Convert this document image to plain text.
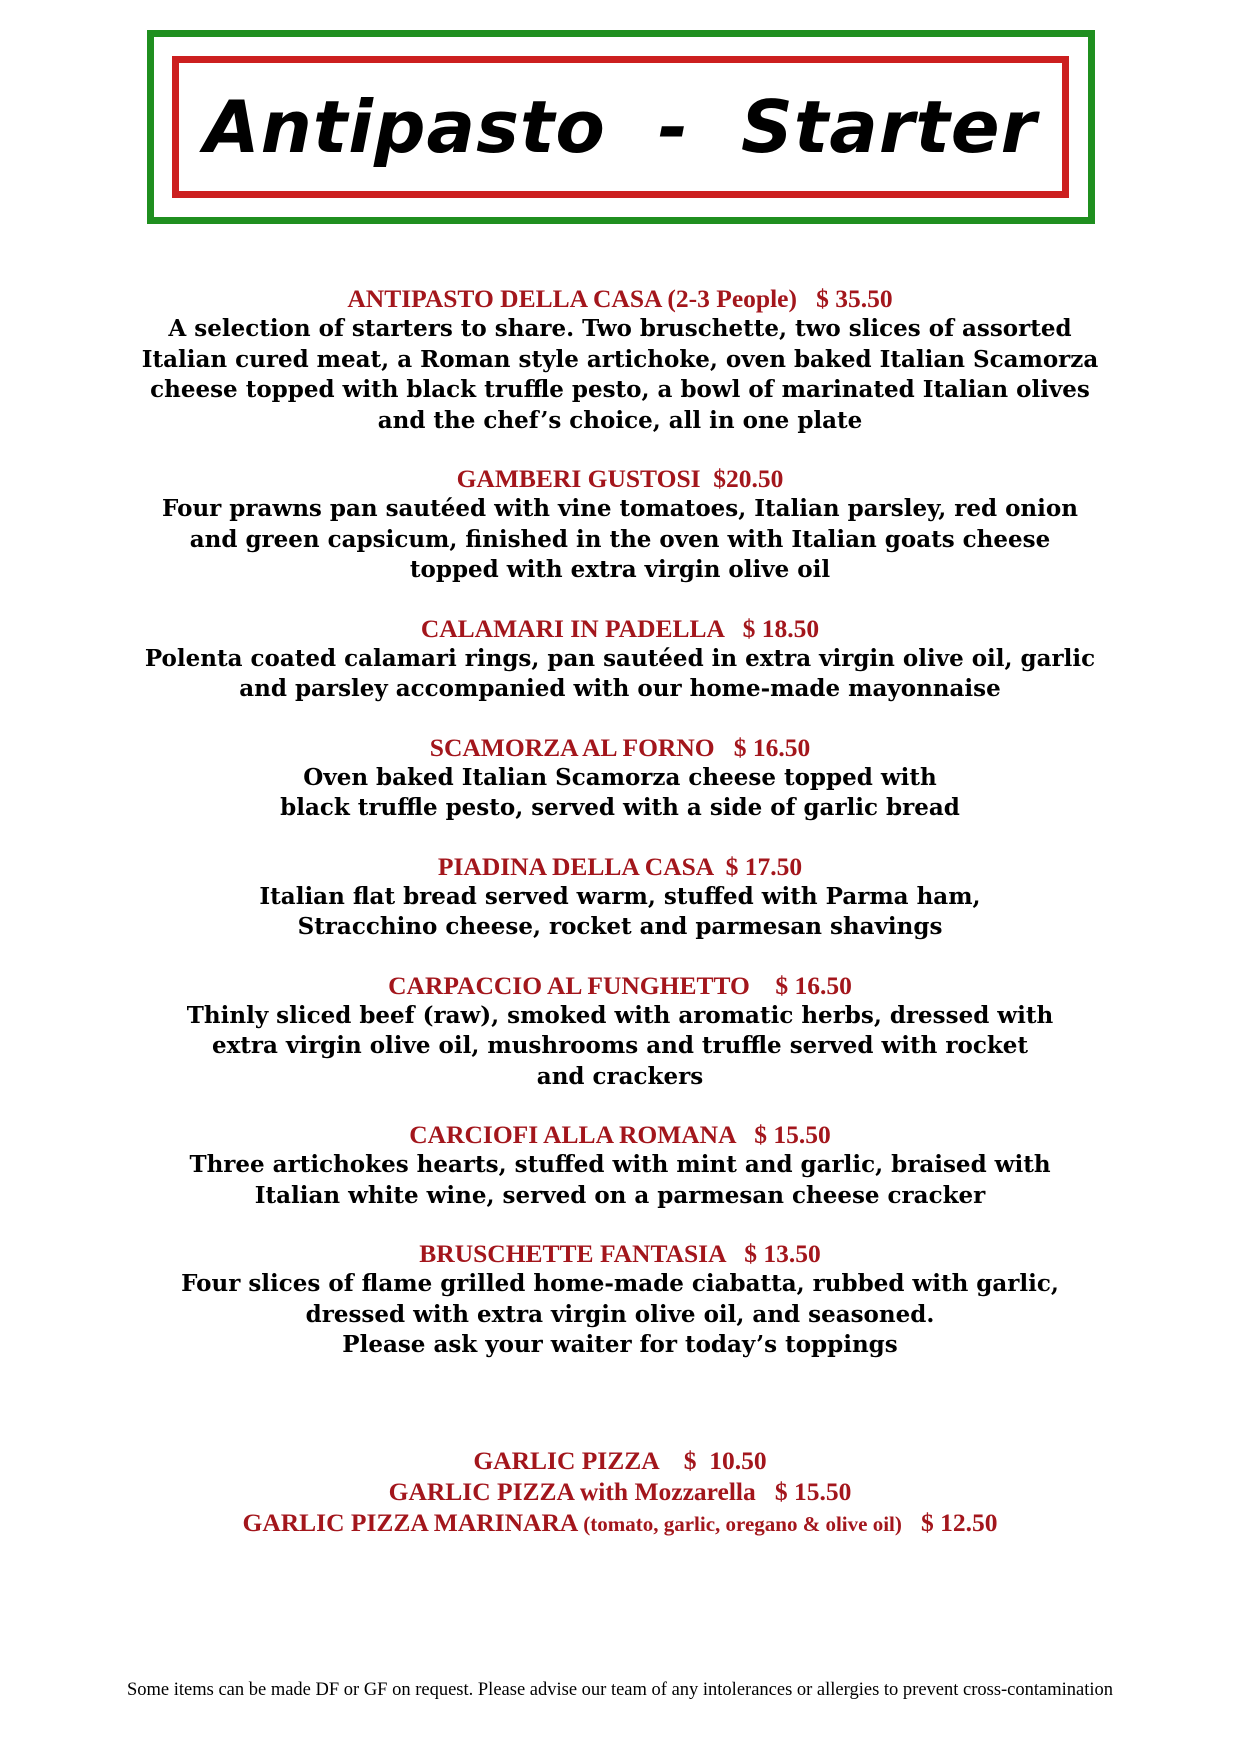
Antipasto  -  Starter
ANTIPASTO DELLA CASA (2-3 People) $ 35.50
A selection of starters to share. Two bruschette, two slices of assorted
Italian cured meat, a Roman style artichoke, oven baked Italian Scamorza
cheese topped with black truffle pesto, a bowl of marinated Italian olives
and the chef’s choice, all in one plate
GAMBERI GUSTOSI $20.50
Four prawns pan sautéed with vine tomatoes, Italian parsley, red onion
and green capsicum, finished in the oven with Italian goats cheese
topped with extra virgin olive oil
CALAMARI IN PADELLA $ 18.50
Polenta coated calamari rings, pan sautéed in extra virgin olive oil, garlic
and parsley accompanied with our home-made mayonnaise
SCAMORZA AL FORNO $ 16.50
Oven baked Italian Scamorza cheese topped with
black truffle pesto, served with a side of garlic bread
PIADINA DELLA CASA $ 17.50
Italian flat bread served warm, stuffed with Parma ham,
Stracchino cheese, rocket and parmesan shavings
CARPACCIO AL FUNGHETTO $ 16.50
Thinly sliced beef (raw), smoked with aromatic herbs, dressed with
extra virgin olive oil, mushrooms and truffle served with rocket
and crackers
CARCIOFI ALLA ROMANA $ 15.50
Three artichokes hearts, stuffed with mint and garlic, braised with
Italian white wine, served on a parmesan cheese cracker
BRUSCHETTE FANTASIA $ 13.50
Four slices of flame grilled home-made ciabatta, rubbed with garlic,
dressed with extra virgin olive oil, and seasoned.
Please ask your waiter for today’s toppings
GARLIC PIZZA $  10.50
GARLIC PIZZA with Mozzarella $ 15.50
GARLIC PIZZA MARINARA (tomato, garlic, oregano & olive oil) $ 12.50
Some items can be made DF or GF on request. Please advise our team of any intolerances or allergies to prevent cross-contamination
